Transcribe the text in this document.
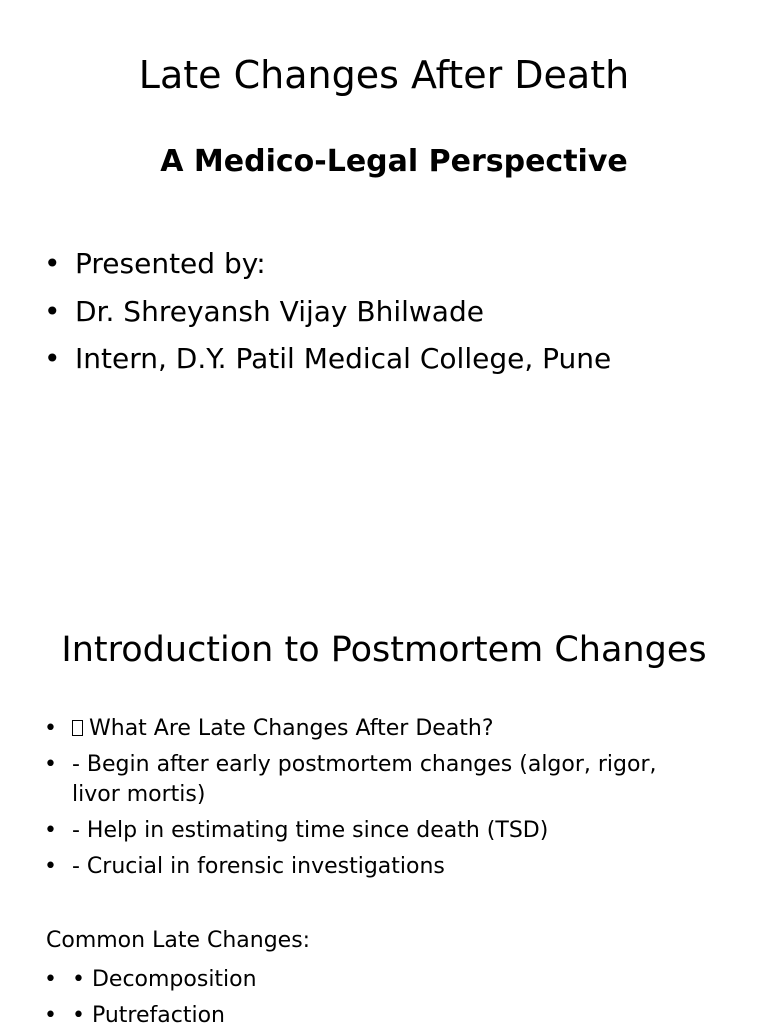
Late Changes After Death
A Medico-Legal Perspective
• Presented by:
• Dr. Shreyansh Vijay Bhilwade
• Intern, D.Y. Patil Medical College, Pune
Introduction to Postmortem Changes
• What Are Late Changes After Death?
• - Begin after early postmortem changes (algor, rigor, livor mortis)
• - Help in estimating time since death (TSD)
• - Crucial in forensic investigations
Common Late Changes:
• • Decomposition
• • Putrefaction
